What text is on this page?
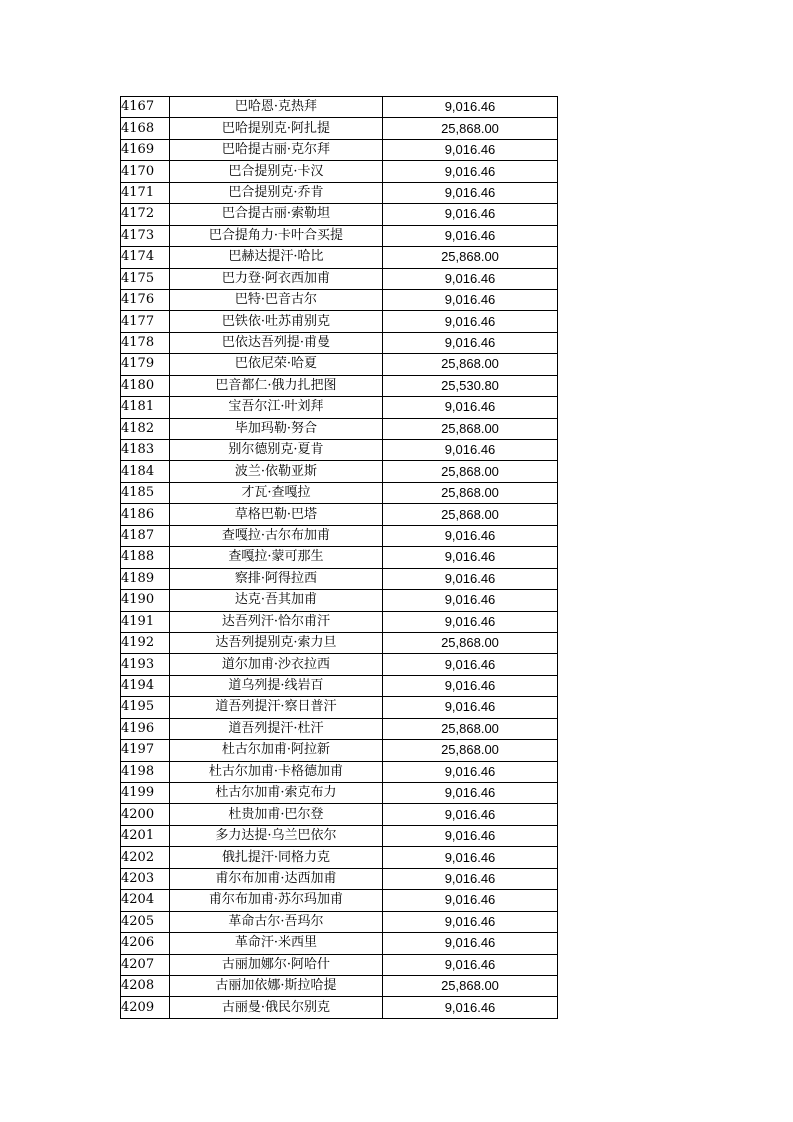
4167	巴哈恩·克热拜	9,016.46
4168	巴哈提别克·阿扎提	25,868.00
4169	巴哈提古丽·克尔拜	9,016.46
4170	巴合提别克·卡汉	9,016.46
4171	巴合提别克·乔肯	9,016.46
4172	巴合提古丽·索勒坦	9,016.46
4173	巴合提角力·卡叶合买提	9,016.46
4174	巴赫达提汗·哈比	25,868.00
4175	巴力登·阿衣西加甫	9,016.46
4176	巴特·巴音古尔	9,016.46
4177	巴铁依·吐苏甫别克	9,016.46
4178	巴依达吾列提·甫曼	9,016.46
4179	巴依尼荣·哈夏	25,868.00
4180	巴音都仁·俄力扎把图	25,530.80
4181	宝吾尔江·叶刘拜	9,016.46
4182	毕加玛勒·努合	25,868.00
4183	别尔德别克·夏肯	9,016.46
4184	波兰·依勒亚斯	25,868.00
4185	才瓦·查嘎拉	25,868.00
4186	草格巴勒·巴塔	25,868.00
4187	查嘎拉·古尔布加甫	9,016.46
4188	查嘎拉·蒙可那生	9,016.46
4189	察排·阿得拉西	9,016.46
4190	达克·吾其加甫	9,016.46
4191	达吾列汗·恰尔甫汗	9,016.46
4192	达吾列提别克·索力旦	25,868.00
4193	道尔加甫·沙衣拉西	9,016.46
4194	道乌列提·线岩百	9,016.46
4195	道吾列提汗·察日普汗	9,016.46
4196	道吾列提汗·杜汗	25,868.00
4197	杜古尔加甫·阿拉新	25,868.00
4198	杜古尔加甫·卡格德加甫	9,016.46
4199	杜古尔加甫·索克布力	9,016.46
4200	杜贵加甫·巴尔登	9,016.46
4201	多力达提·乌兰巴依尔	9,016.46
4202	俄扎提汗·同格力克	9,016.46
4203	甫尔布加甫·达西加甫	9,016.46
4204	甫尔布加甫·苏尔玛加甫	9,016.46
4205	革命古尔·吾玛尔	9,016.46
4206	革命汗·米西里	9,016.46
4207	古丽加娜尔·阿哈什	9,016.46
4208	古丽加依娜·斯拉哈提	25,868.00
4209	古丽曼·俄民尔别克	9,016.46
